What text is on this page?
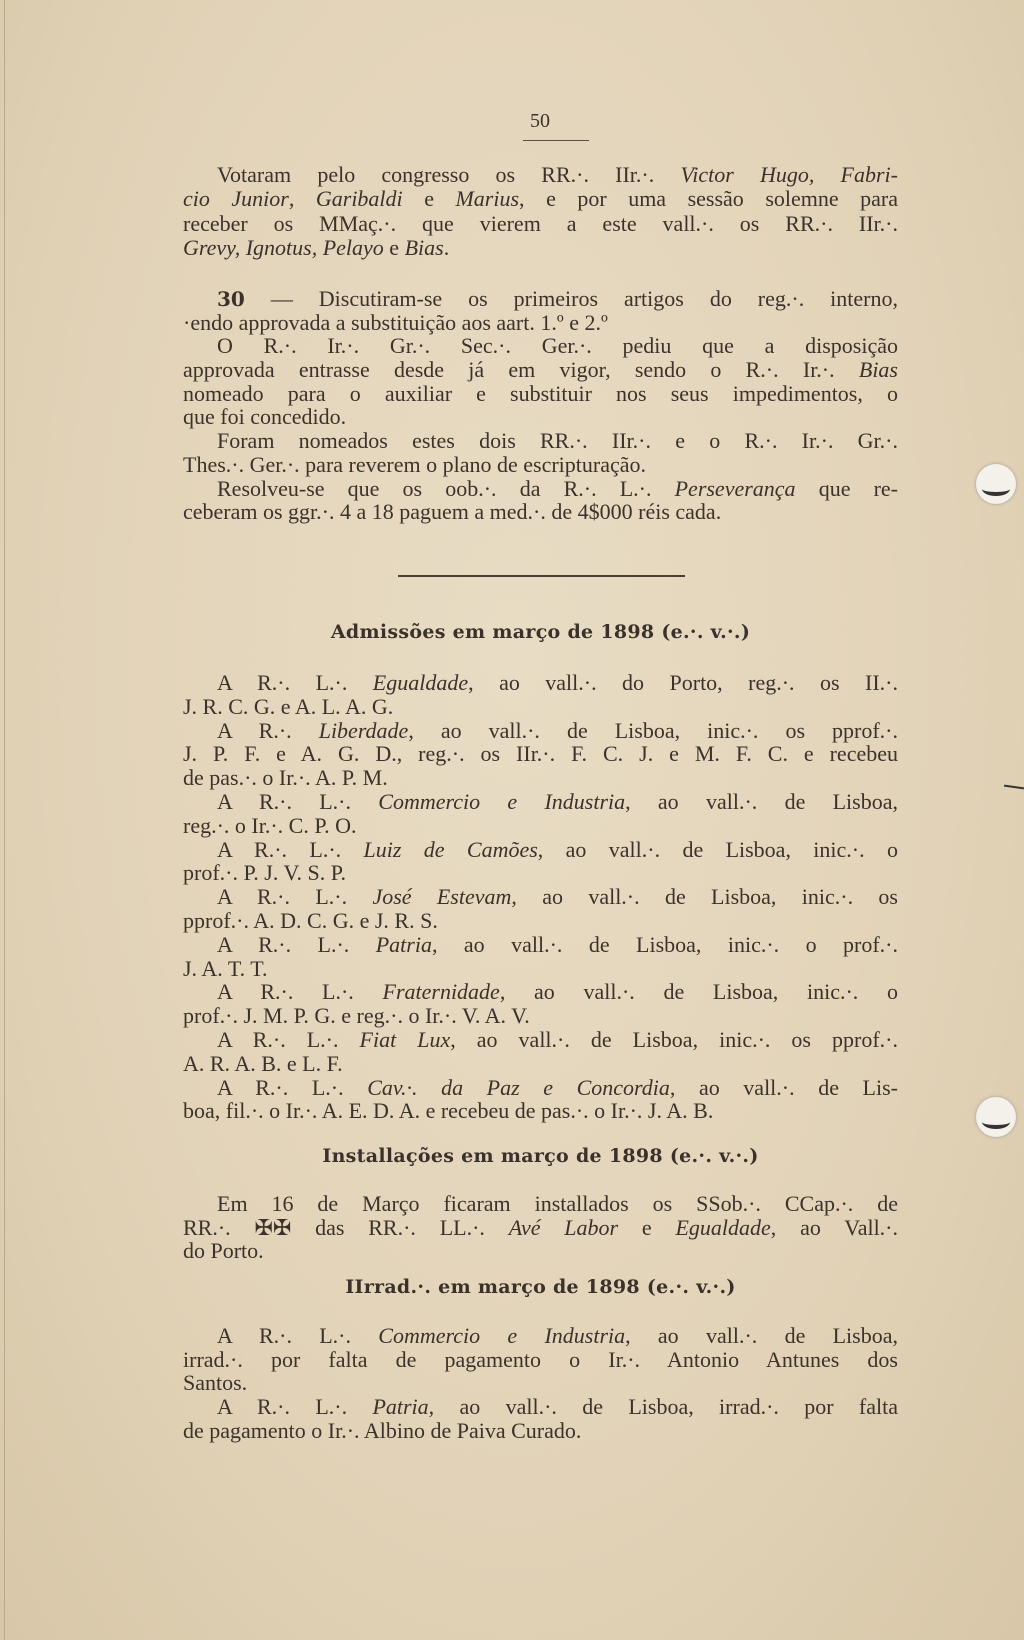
50
Votaram pelo congresso os RR.·. IIr.·. Victor Hugo, Fabri-
cio Junior, Garibaldi e Marius, e por uma sessão solemne para
receber os MMaç.·. que vierem a este vall.·. os RR.·. IIr.·.
Grevy, Ignotus, Pelayo e Bias.
30 — Discutiram-se os primeiros artigos do reg.·. interno,
·endo approvada a substituição aos aart. 1.º e 2.º
O R.·. Ir.·. Gr.·. Sec.·. Ger.·. pediu que a disposição
approvada entrasse desde já em vigor, sendo o R.·. Ir.·. Bias
nomeado para o auxiliar e substituir nos seus impedimentos, o
que foi concedido.
Foram nomeados estes dois RR.·. IIr.·. e o R.·. Ir.·. Gr.·.
Thes.·. Ger.·. para reverem o plano de escripturação.
Resolveu-se que os oob.·. da R.·. L.·. Perseverança que re-
ceberam os ggr.·. 4 a 18 paguem a med.·. de 4$000 réis cada.
Admissões em março de 1898 (e.·. v.·.)
A R.·. L.·. Egualdade, ao vall.·. do Porto, reg.·. os II.·.
J. R. C. G. e A. L. A. G.
A R.·. Liberdade, ao vall.·. de Lisboa, inic.·. os pprof.·.
J. P. F. e A. G. D., reg.·. os IIr.·. F. C. J. e M. F. C. e recebeu
de pas.·. o Ir.·. A. P. M.
A R.·. L.·. Commercio e Industria, ao vall.·. de Lisboa,
reg.·. o Ir.·. C. P. O.
A R.·. L.·. Luiz de Camões, ao vall.·. de Lisboa, inic.·. o
prof.·. P. J. V. S. P.
A R.·. L.·. José Estevam, ao vall.·. de Lisboa, inic.·. os
pprof.·. A. D. C. G. e J. R. S.
A R.·. L.·. Patria, ao vall.·. de Lisboa, inic.·. o prof.·.
J. A. T. T.
A R.·. L.·. Fraternidade, ao vall.·. de Lisboa, inic.·. o
prof.·. J. M. P. G. e reg.·. o Ir.·. V. A. V.
A R.·. L.·. Fiat Lux, ao vall.·. de Lisboa, inic.·. os pprof.·.
A. R. A. B. e L. F.
A R.·. L.·. Cav.·. da Paz e Concordia, ao vall.·. de Lis-
boa, fil.·. o Ir.·. A. E. D. A. e recebeu de pas.·. o Ir.·. J. A. B.
Installações em março de 1898 (e.·. v.·.)
Em 16 de Março ficaram installados os SSob.·. CCap.·. de
RR.·. ✠✠ das RR.·. LL.·. Avé Labor e Egualdade, ao Vall.·.
do Porto.
IIrrad.·. em março de 1898 (e.·. v.·.)
A R.·. L.·. Commercio e Industria, ao vall.·. de Lisboa,
irrad.·. por falta de pagamento o Ir.·. Antonio Antunes dos
Santos.
A R.·. L.·. Patria, ao vall.·. de Lisboa, irrad.·. por falta
de pagamento o Ir.·. Albino de Paiva Curado.
